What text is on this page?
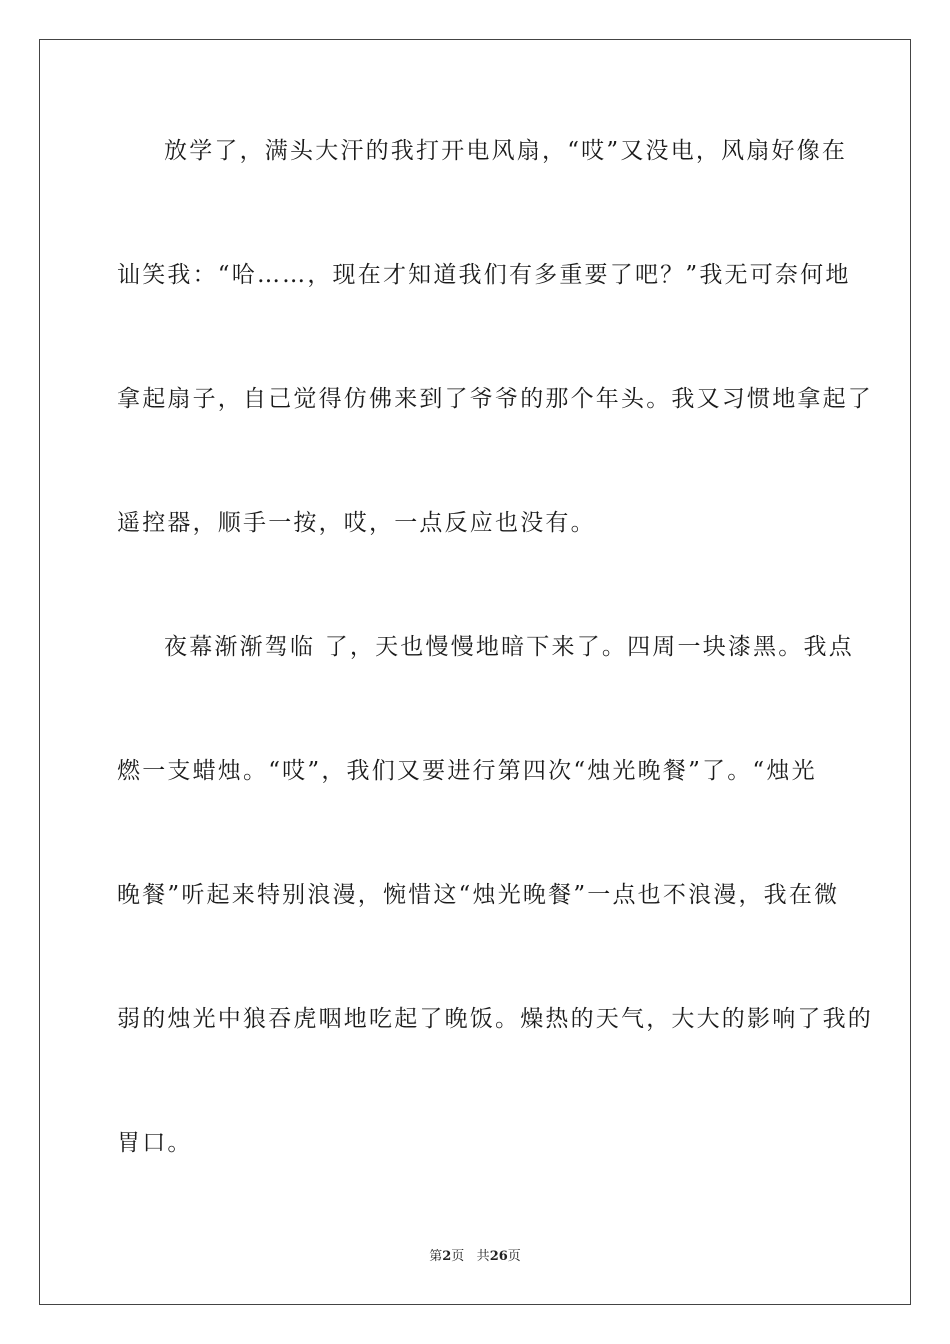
放学了，满头大汗的我打开电风扇，“哎”又没电，风扇好像在
讪笑我：“哈……，现在才知道我们有多重要了吧？”我无可奈何地
拿起扇子，自己觉得仿佛来到了爷爷的那个年头。我又习惯地拿起了
遥控器，顺手一按，哎，一点反应也没有。
夜幕渐渐驾临 了，天也慢慢地暗下来了。四周一块漆黑。我点
燃一支蜡烛。“哎”，我们又要进行第四次“烛光晚餐”了。“烛光
晚餐”听起来特别浪漫，惋惜这“烛光晚餐”一点也不浪漫，我在微
弱的烛光中狼吞虎咽地吃起了晚饭。燥热的天气，大大的影响了我的
胃口。
第2页 共26页
